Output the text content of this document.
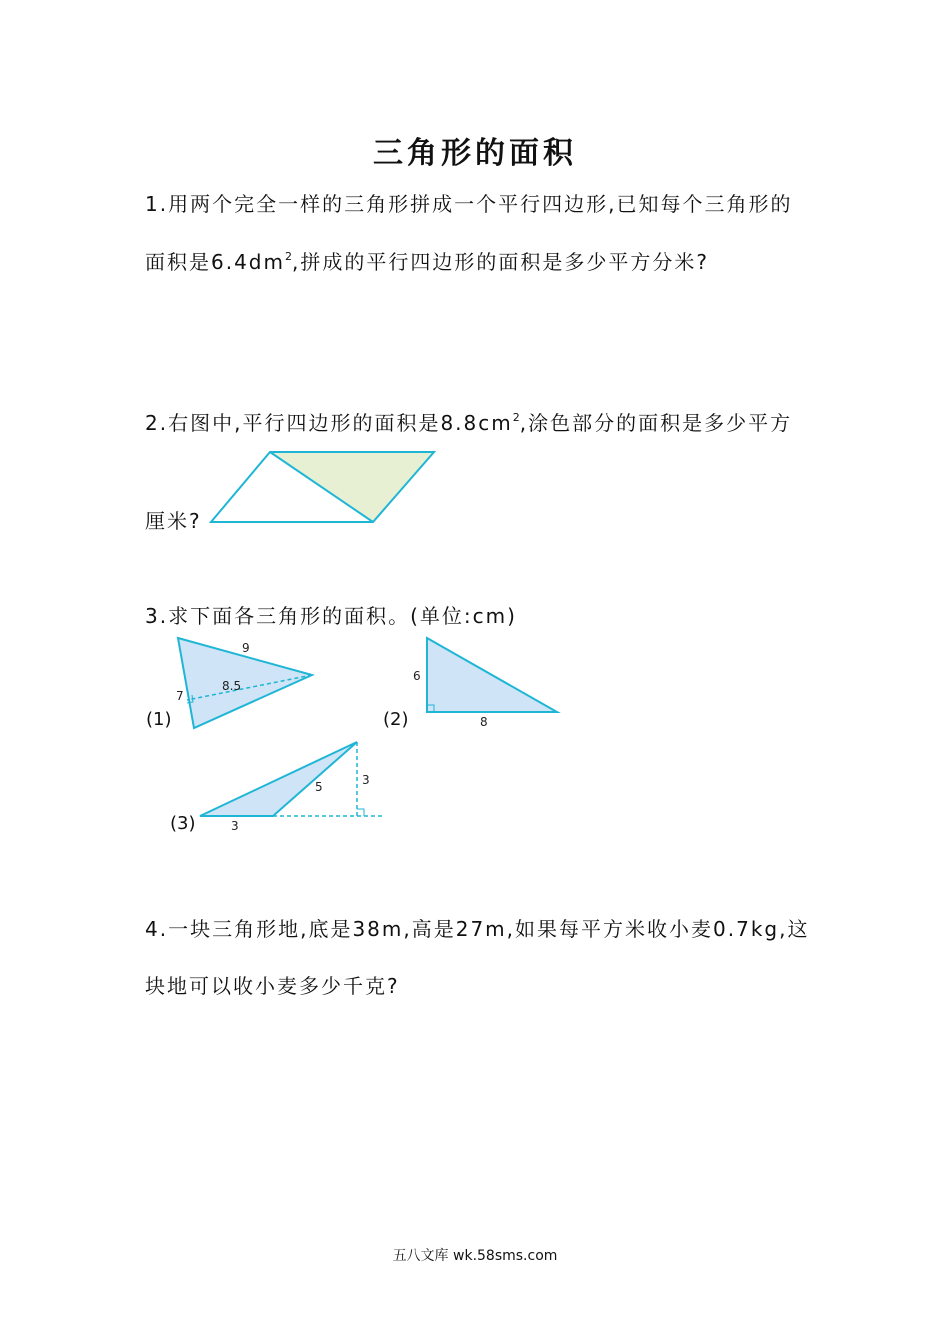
三角形的面积
1.用两个完全一样的三角形拼成一个平行四边形,已知每个三角形的
面积是$6.4dm^2$,拼成的平行四边形的面积是多少平方分米?
2.右图中,平行四边形的面积是$8.8cm^2$,涂色部分的面积是多少平方
厘米?
3.求下面各三角形的面积。(单位:cm)
9
7
8.5
(1)
6
8
(2)
3
5	3
(3)
4.一块三角形地,底是38m,高是27m,如果每平方米收小麦0.7kg,这
块地可以收小麦多少千克?
五八文库 wk.58sms.com
